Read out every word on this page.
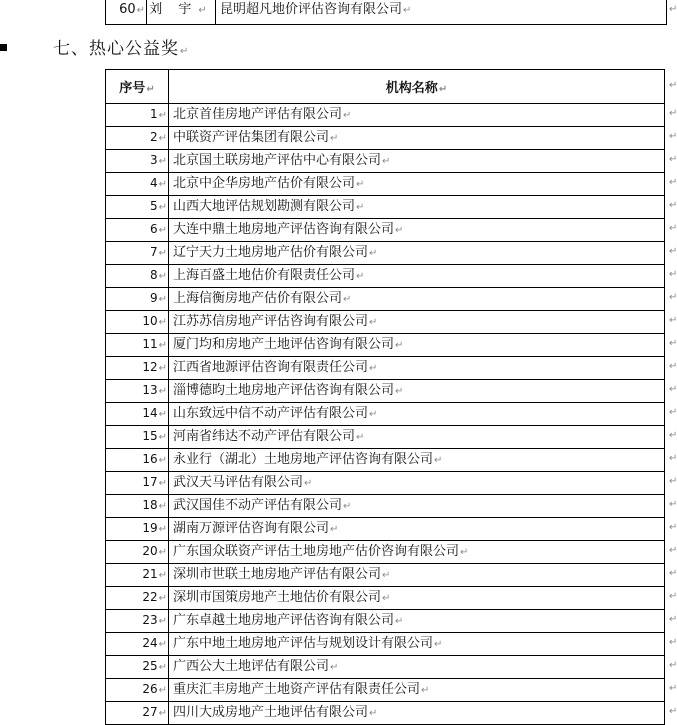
60↵	刘 宇↵	昆明超凡地价评估咨询有限公司↵	↵
七、热心公益奖↵
序号↵	机构名称↵
1↵	北京首佳房地产评估有限公司↵
2↵	中联资产评估集团有限公司↵
3↵	北京国土联房地产评估中心有限公司↵
4↵	北京中企华房地产估价有限公司↵
5↵	山西大地评估规划勘测有限公司↵
6↵	大连中鼎土地房地产评估咨询有限公司↵
7↵	辽宁天力土地房地产估价有限公司↵
8↵	上海百盛土地估价有限责任公司↵
9↵	上海信衡房地产估价有限公司↵
10↵	江苏苏信房地产评估咨询有限公司↵
11↵	厦门均和房地产土地评估咨询有限公司↵
12↵	江西省地源评估咨询有限责任公司↵
13↵	淄博德昀土地房地产评估咨询有限公司↵
14↵	山东致远中信不动产评估有限公司↵
15↵	河南省纬达不动产评估有限公司↵
16↵	永业行（湖北）土地房地产评估咨询有限公司↵
17↵	武汉天马评估有限公司↵
18↵	武汉国佳不动产评估有限公司↵
19↵	湖南万源评估咨询有限公司↵
20↵	广东国众联资产评估土地房地产估价咨询有限公司↵
21↵	深圳市世联土地房地产评估有限公司↵
22↵	深圳市国策房地产土地估价有限公司↵
23↵	广东卓越土地房地产评估咨询有限公司↵
24↵	广东中地土地房地产评估与规划设计有限公司↵
25↵	广西公大土地评估有限公司↵
26↵	重庆汇丰房地产土地资产评估有限责任公司↵
27↵	四川大成房地产土地评估有限公司↵
↵
↵
↵
↵
↵
↵
↵
↵
↵
↵
↵
↵
↵
↵
↵
↵
↵
↵
↵
↵
↵
↵
↵
↵
↵
↵
↵
↵
